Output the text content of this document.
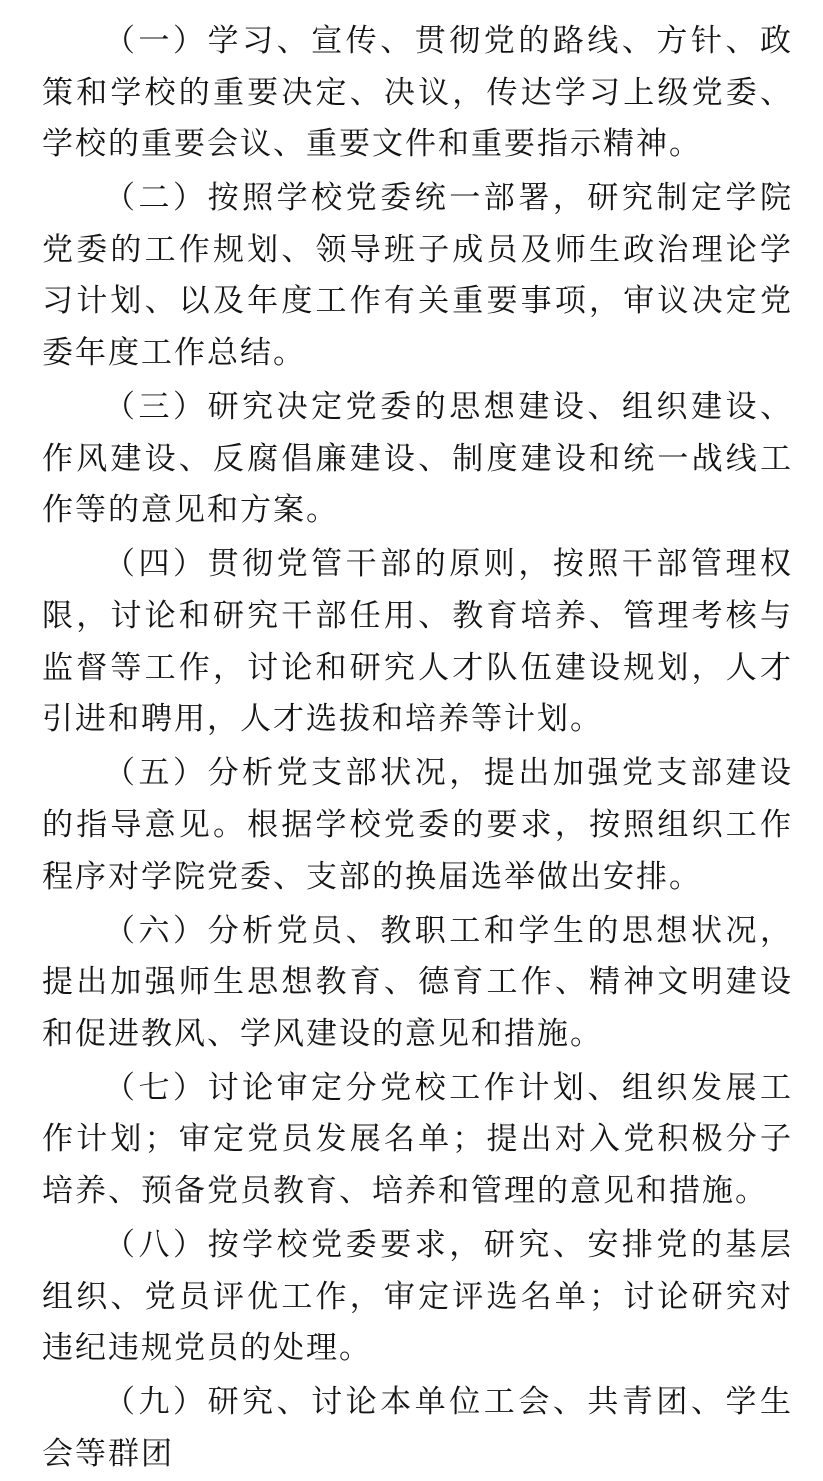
（一）学习、宣传、贯彻党的路线、方针、政策和学校的重要决定、决议，传达学习上级党委、学校的重要会议、重要文件和重要指示精神。

（二）按照学校党委统一部署，研究制定学院党委的工作规划、领导班子成员及师生政治理论学习计划、以及年度工作有关重要事项，审议决定党委年度工作总结。

（三）研究决定党委的思想建设、组织建设、作风建设、反腐倡廉建设、制度建设和统一战线工作等的意见和方案。

（四）贯彻党管干部的原则，按照干部管理权限，讨论和研究干部任用、教育培养、管理考核与监督等工作，讨论和研究人才队伍建设规划，人才引进和聘用，人才选拔和培养等计划。

（五）分析党支部状况，提出加强党支部建设的指导意见。根据学校党委的要求，按照组织工作程序对学院党委、支部的换届选举做出安排。

（六）分析党员、教职工和学生的思想状况，提出加强师生思想教育、德育工作、精神文明建设和促进教风、学风建设的意见和措施。

（七）讨论审定分党校工作计划、组织发展工作计划；审定党员发展名单；提出对入党积极分子培养、预备党员教育、培养和管理的意见和措施。

（八）按学校党委要求，研究、安排党的基层组织、党员评优工作，审定评选名单；讨论研究对违纪违规党员的处理。

（九）研究、讨论本单位工会、共青团、学生会等群团
